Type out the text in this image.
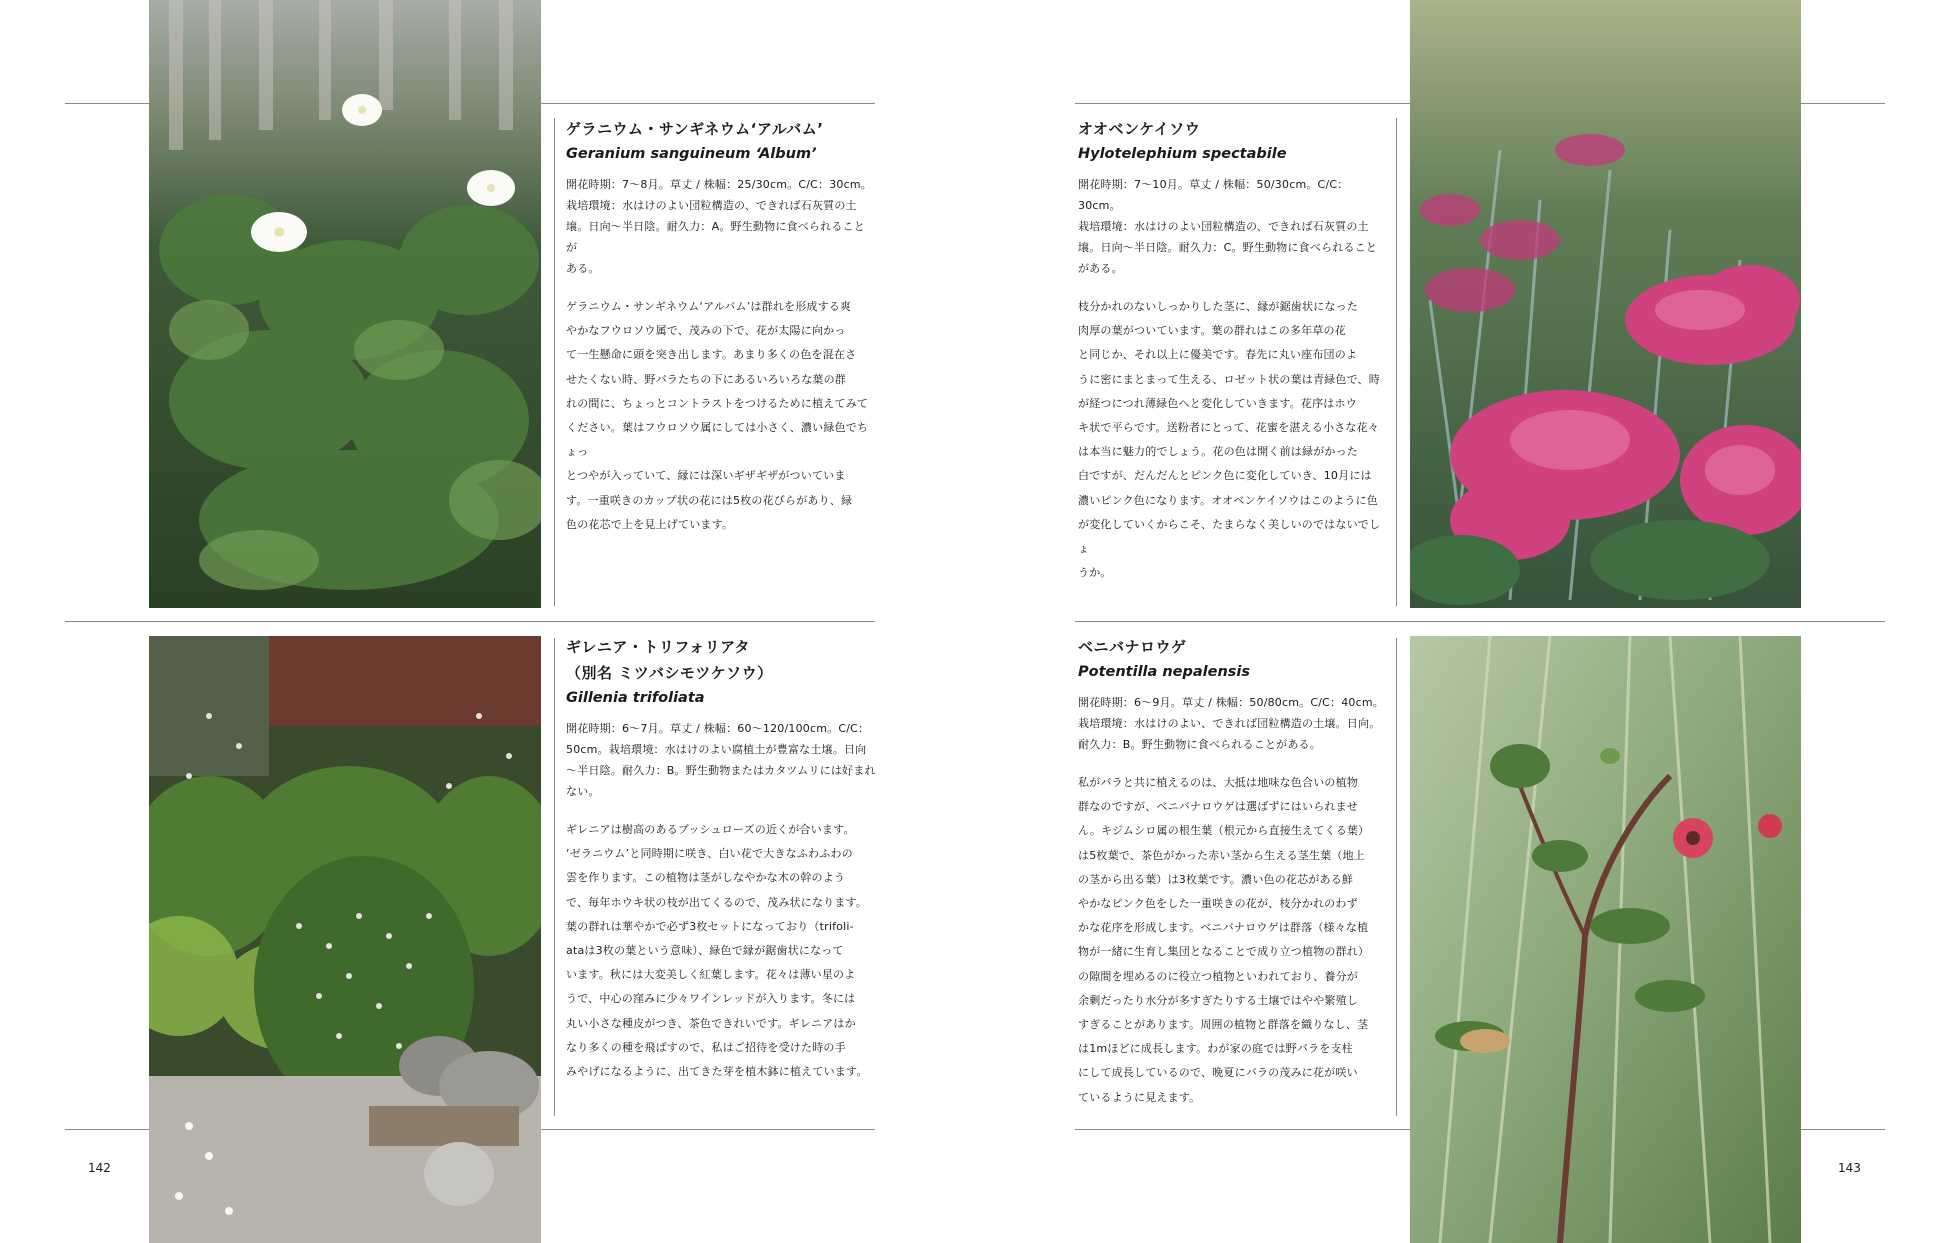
ゲラニウム・サンギネウム‘アルバム’

Geranium sanguineum ‘Album’

開花時期：7～8月。草丈 / 株幅：25/30cm。C/C：30cm。
栽培環境：水はけのよい団粒構造の、できれば石灰質の土
壌。日向～半日陰。耐久力：A。野生動物に食べられることが
ある。

ゲラニウム・サンギネウム‘アルバム’は群れを形成する爽
やかなフウロソウ属で、茂みの下で、花が太陽に向かっ
て一生懸命に頭を突き出します。あまり多くの色を混在さ
せたくない時、野バラたちの下にあるいろいろな葉の群
れの間に、ちょっとコントラストをつけるために植えてみて
ください。葉はフウロソウ属にしては小さく、濃い緑色でちょっ
とつやが入っていて、縁には深いギザギザがついていま
す。一重咲きのカップ状の花には5枚の花びらがあり、緑
色の花芯で上を見上げています。

ギレニア・トリフォリアタ
（別名 ミツバシモツケソウ）

Gillenia trifoliata

開花時期：6～7月。草丈 / 株幅：60～120/100cm。C/C：
50cm。栽培環境：水はけのよい腐植土が豊富な土壌。日向
～半日陰。耐久力：B。野生動物またはカタツムリには好まれ
ない。

ギレニアは樹高のあるブッシュローズの近くが合います。
‘ゼラニウム’と同時期に咲き、白い花で大きなふわふわの
雲を作ります。この植物は茎がしなやかな木の幹のよう
で、毎年ホウキ状の枝が出てくるので、茂み状になります。
葉の群れは華やかで必ず3枚セットになっており（trifoli-
ataは3枚の葉という意味）、緑色で縁が鋸歯状になって
います。秋には大変美しく紅葉します。花々は薄い星のよ
うで、中心の窪みに少々ワインレッドが入ります。冬には
丸い小さな種皮がつき、茶色できれいです。ギレニアはか
なり多くの種を飛ばすので、私はご招待を受けた時の手
みやげになるように、出てきた芽を植木鉢に植えています。

オオベンケイソウ

Hylotelephium spectabile

開花時期：7～10月。草丈 / 株幅：50/30cm。C/C：30cm。
栽培環境：水はけのよい団粒構造の、できれば石灰質の土
壌。日向～半日陰。耐久力：C。野生動物に食べられることがある。

枝分かれのないしっかりした茎に、縁が鋸歯状になった
肉厚の葉がついています。葉の群れはこの多年草の花
と同じか、それ以上に優美です。春先に丸い座布団のよ
うに密にまとまって生える、ロゼット状の葉は青緑色で、時
が経つにつれ薄緑色へと変化していきます。花序はホウ
キ状で平らです。送粉者にとって、花蜜を湛える小さな花々
は本当に魅力的でしょう。花の色は開く前は緑がかった
白ですが、だんだんとピンク色に変化していき、10月には
濃いピンク色になります。オオベンケイソウはこのように色
が変化していくからこそ、たまらなく美しいのではないでしょ
うか。

ベニバナロウゲ

Potentilla nepalensis

開花時期：6～9月。草丈 / 株幅：50/80cm。C/C：40cm。
栽培環境：水はけのよい、できれば団粒構造の土壌。日向。
耐久力：B。野生動物に食べられることがある。

私がバラと共に植えるのは、大抵は地味な色合いの植物
群なのですが、ベニバナロウゲは選ばずにはいられませ
ん。キジムシロ属の根生葉（根元から直接生えてくる葉）
は5枚葉で、茶色がかった赤い茎から生える茎生葉（地上
の茎から出る葉）は3枚葉です。濃い色の花芯がある鮮
やかなピンク色をした一重咲きの花が、枝分かれのわず
かな花序を形成します。ベニバナロウゲは群落（様々な植
物が一緒に生育し集団となることで成り立つ植物の群れ）
の隙間を埋めるのに役立つ植物といわれており、養分が
余剰だったり水分が多すぎたりする土壌ではやや繁殖し
すぎることがあります。周囲の植物と群落を織りなし、茎
は1mほどに成長します。わが家の庭では野バラを支柱
にして成長しているので、晩夏にバラの茂みに花が咲い
ているように見えます。

142	143
